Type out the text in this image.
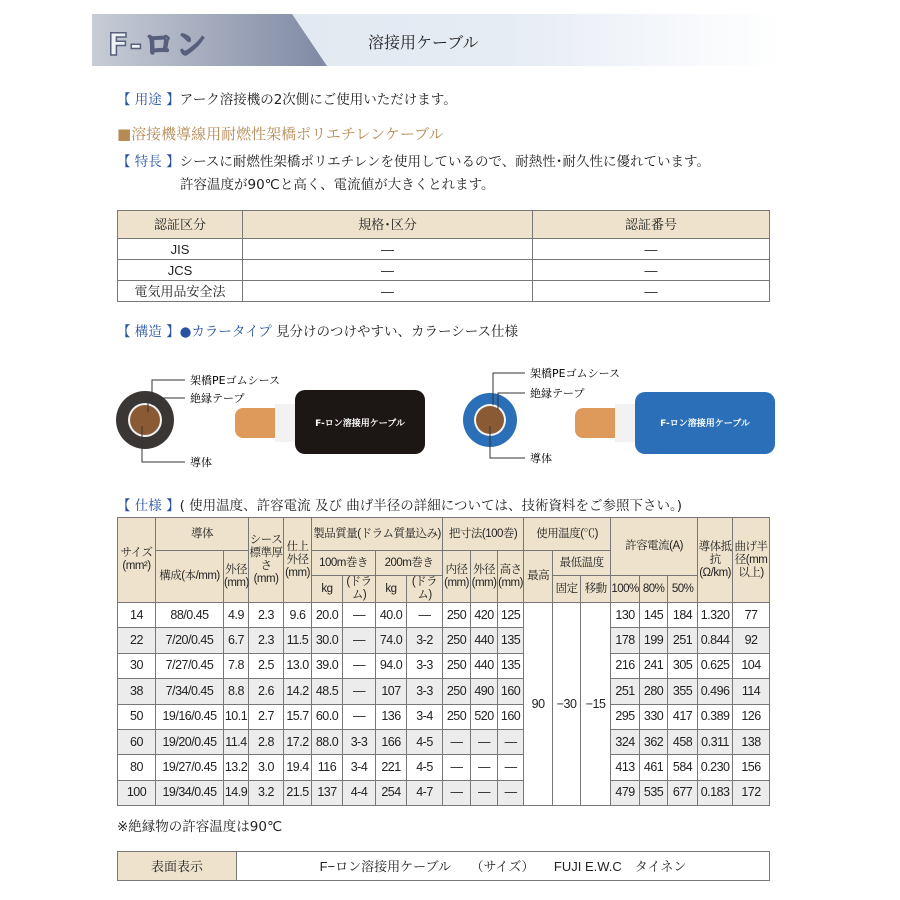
F-ロン	溶接用ケーブル
【 用途 】アーク溶接機の2次側にご使用いただけます。
■溶接機導線用耐燃性架橋ポリエチレンケーブル
【 特長 】シースに耐燃性架橋ポリエチレンを使用しているので、耐熱性･耐久性に優れています。
許容温度が90℃と高く、電流値が大きくとれます。
認証区分	規格･区分	認証番号
JIS	—	—
JCS	—	—
電気用品安全法	—	—
【 構造 】●カラータイプ 見分けのつけやすい、カラーシース仕様
F-ロン溶接用ケーブル
架橋PEゴムシース
絶縁テープ
導体
F-ロン溶接用ケーブル
架橋PEゴムシース
絶縁テープ
導体
【 仕様 】( 使用温度、許容電流 及び 曲げ半径の詳細については、技術資料をご参照下さい。)
サイズ(mm²)	導体		シース標準厚さ(mm)	仕上外径(mm)	製品質量(ドラム質量込み)				把寸法(100巻)			使用温度(℃)			許容電流(A)			導体抵抗(Ω/km)	曲げ半径(mm以上)
	構成(本/mm)	外径(mm)			100m巻き		200m巻き		内径(mm)	外径(mm)	高さ(mm)	最高	最低温度						
					kg	(ドラム)	kg	(ドラム)					固定	移動	100%	80%	50%		
14	88/0.45	4.9	2.3	9.6	20.0	—	40.0	—	250	420	125	90	−30	−15	130	145	184	1.320	77
22	7/20/0.45	6.7	2.3	11.5	30.0	—	74.0	3-2	250	440	135				178	199	251	0.844	92
30	7/27/0.45	7.8	2.5	13.0	39.0	—	94.0	3-3	250	440	135				216	241	305	0.625	104
38	7/34/0.45	8.8	2.6	14.2	48.5	—	107	3-3	250	490	160				251	280	355	0.496	114
50	19/16/0.45	10.1	2.7	15.7	60.0	—	136	3-4	250	520	160				295	330	417	0.389	126
60	19/20/0.45	11.4	2.8	17.2	88.0	3-3	166	4-5	—	—	—				324	362	458	0.311	138
80	19/27/0.45	13.2	3.0	19.4	116	3-4	221	4-5	—	—	—				413	461	584	0.230	156
100	19/34/0.45	14.9	3.2	21.5	137	4-4	254	4-7	—	—	—				479	535	677	0.183	172
※絶縁物の許容温度は90℃
表面表示	F−ロン溶接用ケーブル　　（サイズ）　　FUJI E.W.C　タイネン
